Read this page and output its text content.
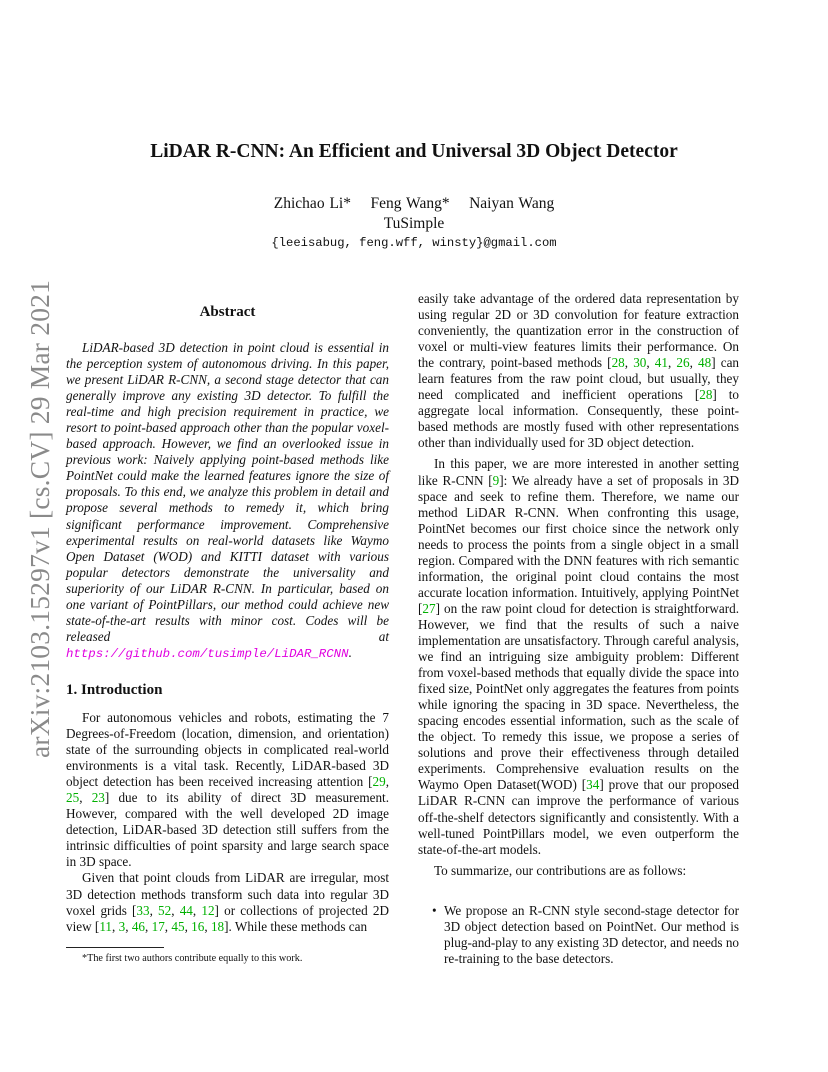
arXiv:2103.15297v1 [cs.CV] 29 Mar 2021
LiDAR R-CNN: An Efficient and Universal 3D Object Detector
Zhichao Li*    Feng Wang*    Naiyan Wang
TuSimple
{leeisabug, feng.wff, winsty}@gmail.com
Abstract

LiDAR-based 3D detection in point cloud is essential in the perception system of autonomous driving. In this paper, we present LiDAR R-CNN, a second stage detector that can generally improve any existing 3D detector. To fulfill the real-time and high precision requirement in practice, we resort to point-based approach other than the popular voxel-based approach. However, we find an overlooked issue in previous work: Naively applying point-based methods like PointNet could make the learned features ignore the size of proposals. To this end, we analyze this problem in detail and propose several methods to remedy it, which bring significant performance improvement. Comprehensive experimental results on real-world datasets like Waymo Open Dataset (WOD) and KITTI dataset with various popular detectors demonstrate the universality and superiority of our LiDAR R-CNN. In particular, based on one variant of PointPillars, our method could achieve new state-of-the-art results with minor cost. Codes will be released at https://github.com/tusimple/LiDAR_RCNN.

1. Introduction

For autonomous vehicles and robots, estimating the 7 Degrees-of-Freedom (location, dimension, and orientation) state of the surrounding objects in complicated real-world environments is a vital task. Recently, LiDAR-based 3D object detection has been received increasing attention [29, 25, 23] due to its ability of direct 3D measurement. However, compared with the well developed 2D image detection, LiDAR-based 3D detection still suffers from the intrinsic difficulties of point sparsity and large search space in 3D space.

Given that point clouds from LiDAR are irregular, most 3D detection methods transform such data into regular 3D voxel grids [33, 52, 44, 12] or collections of projected 2D view [11, 3, 46, 17, 45, 16, 18]. While these methods can

*The first two authors contribute equally to this work.

easily take advantage of the ordered data representation by using regular 2D or 3D convolution for feature extraction conveniently, the quantization error in the construction of voxel or multi-view features limits their performance. On the contrary, point-based methods [28, 30, 41, 26, 48] can learn features from the raw point cloud, but usually, they need complicated and inefficient operations [28] to aggregate local information. Consequently, these point-based methods are mostly fused with other representations other than individually used for 3D object detection.

In this paper, we are more interested in another setting like R-CNN [9]: We already have a set of proposals in 3D space and seek to refine them. Therefore, we name our method LiDAR R-CNN. When confronting this usage, PointNet becomes our first choice since the network only needs to process the points from a single object in a small region. Compared with the DNN features with rich semantic information, the original point cloud contains the most accurate location information. Intuitively, applying PointNet [27] on the raw point cloud for detection is straightforward. However, we find that the results of such a naive implementation are unsatisfactory. Through careful analysis, we find an intriguing size ambiguity problem: Different from voxel-based methods that equally divide the space into fixed size, PointNet only aggregates the features from points while ignoring the spacing in 3D space. Nevertheless, the spacing encodes essential information, such as the scale of the object. To remedy this issue, we propose a series of solutions and prove their effectiveness through detailed experiments. Comprehensive evaluation results on the Waymo Open Dataset(WOD) [34] prove that our proposed LiDAR R-CNN can improve the performance of various off-the-shelf detectors significantly and consistently. With a well-tuned PointPillars model, we even outperform the state-of-the-art models.

To summarize, our contributions are as follows:

• We propose an R-CNN style second-stage detector for 3D object detection based on PointNet. Our method is plug-and-play to any existing 3D detector, and needs no re-training to the base detectors.
